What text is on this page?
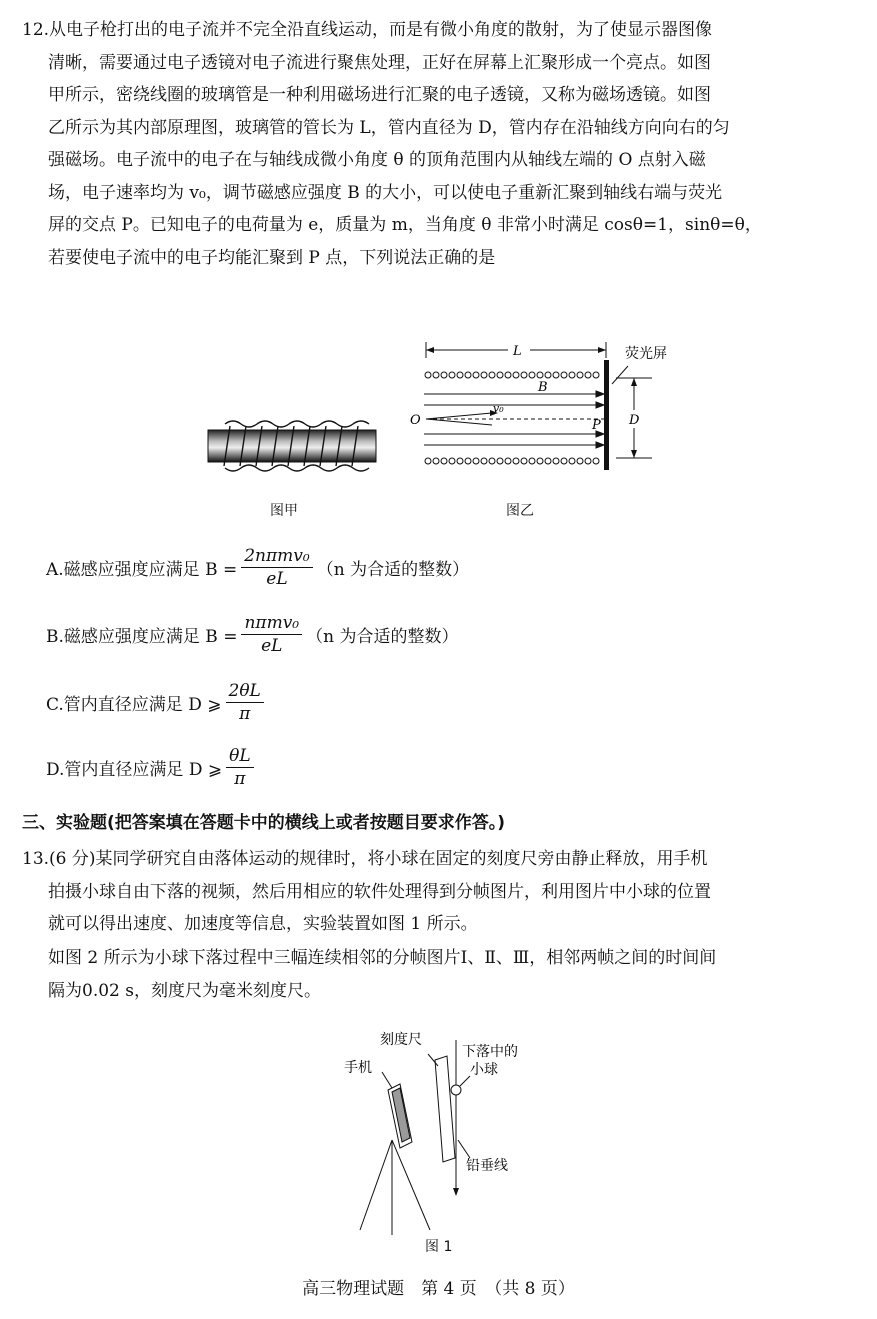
12.从电子枪打出的电子流并不完全沿直线运动，而是有微小角度的散射，为了使显示器图像
清晰，需要通过电子透镜对电子流进行聚焦处理，正好在屏幕上汇聚形成一个亮点。如图
甲所示，密绕线圈的玻璃管是一种利用磁场进行汇聚的电子透镜，又称为磁场透镜。如图
乙所示为其内部原理图，玻璃管的管长为 L，管内直径为 D，管内存在沿轴线方向向右的匀
强磁场。电子流中的电子在与轴线成微小角度 θ 的顶角范围内从轴线左端的 O 点射入磁
场，电子速率均为 v₀，调节磁感应强度 B 的大小，可以使电子重新汇聚到轴线右端与荧光
屏的交点 P。已知电子的电荷量为 e，质量为 m，当角度 θ 非常小时满足 cosθ=1，sinθ=θ，
若要使电子流中的电子均能汇聚到 P 点，下列说法正确的是
图甲
L
B
v₀
O	P
荧光屏
D
图乙
A.磁感应强度应满足 $B = \frac{\text{2nπmv₀}}{eL} (n$ 为合适的整数）
B.磁感应强度应满足 $B = \frac{\text{nπmv₀}}{eL} (n$ 为合适的整数）
C.管内直径应满足 D ⩾ $\frac{2\theta L}{\pi}$
D.管内直径应满足 D ⩾ $\frac{\theta L}{\pi}$
三、实验题(把答案填在答题卡中的横线上或者按题目要求作答。)
13.(6 分)某同学研究自由落体运动的规律时，将小球在固定的刻度尺旁由静止释放，用手机
拍摄小球自由下落的视频，然后用相应的软件处理得到分帧图片，利用图片中小球的位置
就可以得出速度、加速度等信息，实验装置如图 1 所示。
如图 2 所示为小球下落过程中三幅连续相邻的分帧图片Ⅰ、Ⅱ、Ⅲ，相邻两帧之间的时间间
隔为0.02 s，刻度尺为毫米刻度尺。
手机
刻度尺
下落中的
小球
铅垂线
图 1
高三物理试题　第 4 页　（共 8 页）
